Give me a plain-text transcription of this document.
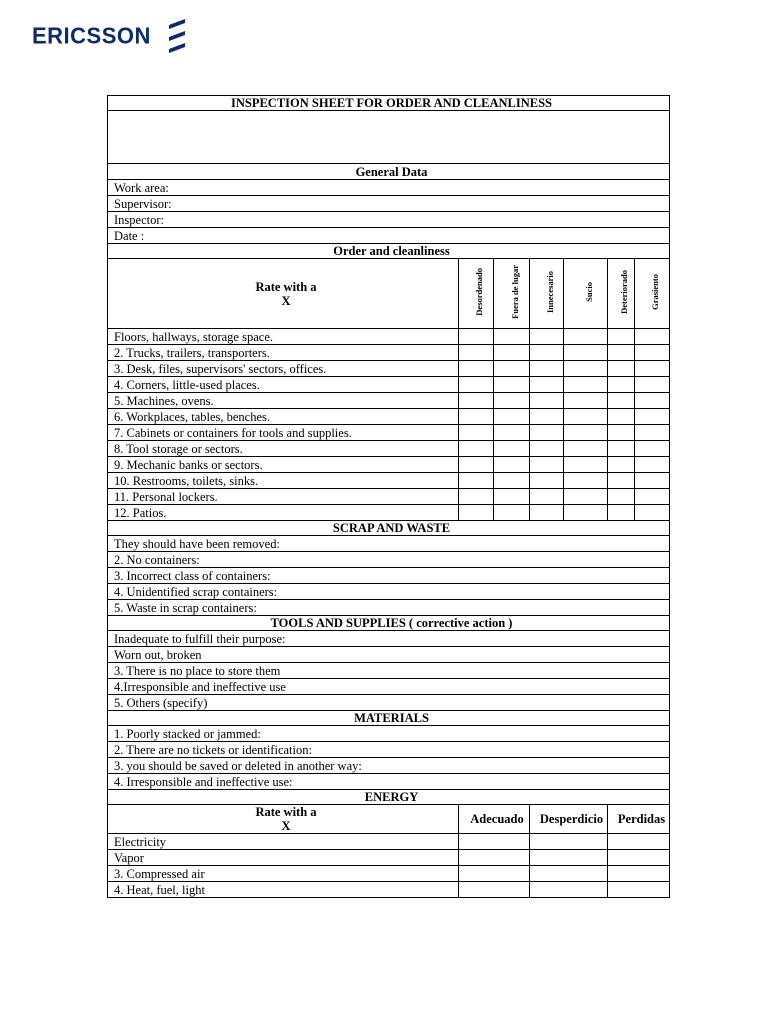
ERICSSON
INSPECTION SHEET FOR ORDER AND CLEANLINESS						

General Data						
Work area:						
Supervisor:						
Inspector:						
Date :						
Order and cleanliness						

Rate with a
X	Desordenado	Fuera de lugar	Innecesario	Sucio	Deteriorado	Grasiento
Floors, hallways, storage space.						
2. Trucks, trailers, transporters.						
3. Desk, files, supervisors' sectors, offices.						
4. Corners, little-used places.						
5. Machines, ovens.						
6. Workplaces, tables, benches.						
7. Cabinets or containers for tools and supplies.						
8. Tool storage or sectors.						
9. Mechanic banks or sectors.						
10. Restrooms, toilets, sinks.						
11. Personal lockers.						
12. Patios.						
SCRAP AND WASTE						
They should have been removed:						
2. No containers:						
3. Incorrect class of containers:						
4. Unidentified scrap containers:						
5. Waste in scrap containers:						
TOOLS AND SUPPLIES ( corrective action )						
Inadequate to fulfill their purpose:						
Worn out, broken						
3. There is no place to store them						
4.Irresponsible and ineffective use						
5. Others (specify)						
MATERIALS						
1. Poorly stacked or jammed:						
2. There are no tickets or identification:						
3. you should be saved or deleted in another way:						
4. Irresponsible and ineffective use:						
ENERGY						

Rate with a
X	Adecuado		Desperdicio		Perdidas	
Electricity						
Vapor						
3. Compressed air						
4. Heat, fuel, light						
